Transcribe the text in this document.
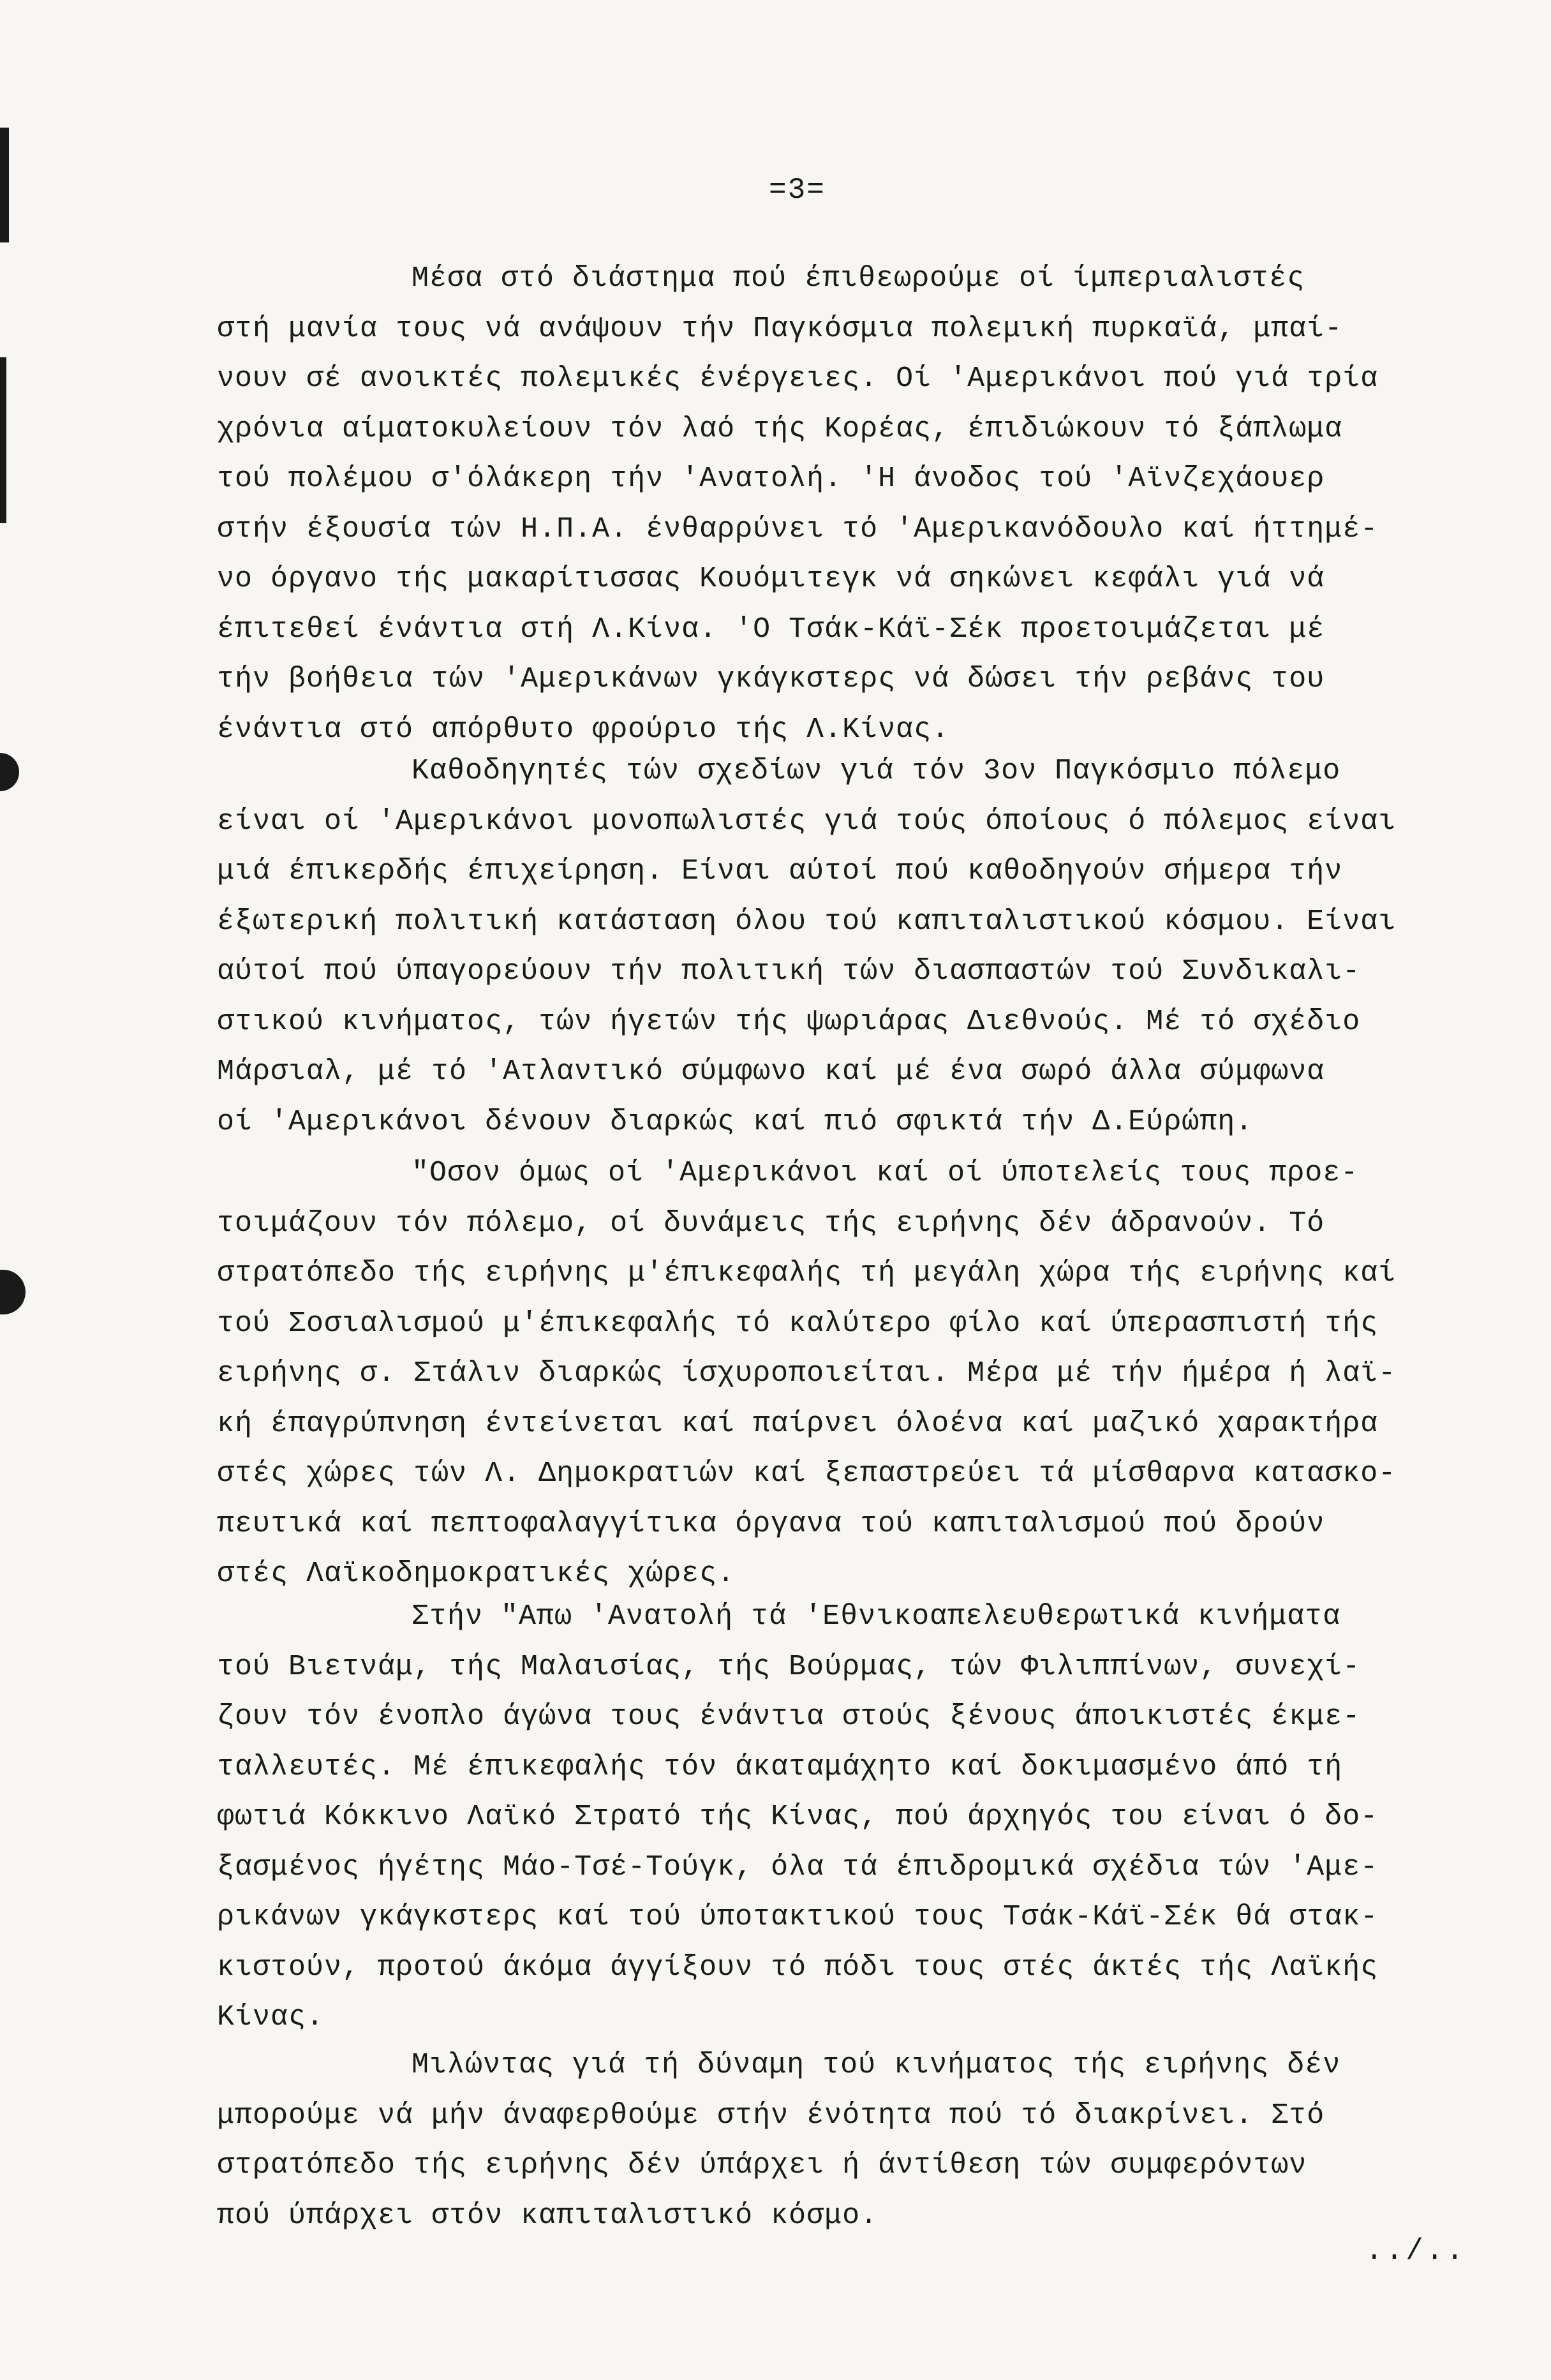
=3=
Μέσα στό διάστημα πού έπιθεωρούμε οί ίμπεριαλιστές
στή μανία τους νά ανάψουν τήν Παγκόσμια πολεμική πυρκαϊά, μπαί-
νουν σέ ανοικτές πολεμικές ένέργειες. Οί 'Αμερικάνοι πού γιά τρία
χρόνια αίματοκυλείουν τόν λαό τής Κορέας, έπιδιώκουν τό ξάπλωμα
τού πολέμου σ'όλάκερη τήν 'Ανατολή. 'Η άνοδος τού 'Αϊνζεχάουερ
στήν έξουσία τών Η.Π.Α. ένθαρρύνει τό 'Αμερικανόδουλο καί ήττημέ-
νο όργανο τής μακαρίτισσας Κουόμιτεγκ νά σηκώνει κεφάλι γιά νά
έπιτεθεί ένάντια στή Λ.Κίνα. 'Ο Τσάκ-Κάϊ-Σέκ προετοιμάζεται μέ
τήν βοήθεια τών 'Αμερικάνων γκάγκστερς νά δώσει τήν ρεβάνς του
ένάντια στό απόρθυτο φρούριο τής Λ.Κίνας.
Καθοδηγητές τών σχεδίων γιά τόν 3ον Παγκόσμιο πόλεμο
είναι οί 'Αμερικάνοι μονοπωλιστές γιά τούς όποίους ό πόλεμος είναι
μιά έπικερδής έπιχείρηση. Είναι αύτοί πού καθοδηγούν σήμερα τήν
έξωτερική πολιτική κατάσταση όλου τού καπιταλιστικού κόσμου. Είναι
αύτοί πού ύπαγορεύουν τήν πολιτική τών διασπαστών τού Συνδικαλι-
στικού κινήματος, τών ήγετών τής ψωριάρας Διεθνούς. Μέ τό σχέδιο
Μάρσιαλ, μέ τό 'Ατλαντικό σύμφωνο καί μέ ένα σωρό άλλα σύμφωνα
οί 'Αμερικάνοι δένουν διαρκώς καί πιό σφικτά τήν Δ.Εύρώπη.
"Οσον όμως οί 'Αμερικάνοι καί οί ύποτελείς τους προε-
τοιμάζουν τόν πόλεμο, οί δυνάμεις τής ειρήνης δέν άδρανούν. Τό
στρατόπεδο τής ειρήνης μ'έπικεφαλής τή μεγάλη χώρα τής ειρήνης καί
τού Σοσιαλισμού μ'έπικεφαλής τό καλύτερο φίλο καί ύπερασπιστή τής
ειρήνης σ. Στάλιν διαρκώς ίσχυροποιείται. Μέρα μέ τήν ήμέρα ή λαϊ-
κή έπαγρύπνηση έντείνεται καί παίρνει όλοένα καί μαζικό χαρακτήρα
στές χώρες τών Λ. Δημοκρατιών καί ξεπαστρεύει τά μίσθαρνα κατασκο-
πευτικά καί πεπτοφαλαγγίτικα όργανα τού καπιταλισμού πού δρούν
στές Λαϊκοδημοκρατικές χώρες.
Στήν "Απω 'Ανατολή τά 'Εθνικοαπελευθερωτικά κινήματα
τού Βιετνάμ, τής Μαλαισίας, τής Βούρμας, τών Φιλιππίνων, συνεχί-
ζουν τόν ένοπλο άγώνα τους ένάντια στούς ξένους άποικιστές έκμε-
ταλλευτές. Μέ έπικεφαλής τόν άκαταμάχητο καί δοκιμασμένο άπό τή
φωτιά Κόκκινο Λαϊκό Στρατό τής Κίνας, πού άρχηγός του είναι ό δο-
ξασμένος ήγέτης Μάο-Τσέ-Τούγκ, όλα τά έπιδρομικά σχέδια τών 'Αμε-
ρικάνων γκάγκστερς καί τού ύποτακτικού τους Τσάκ-Κάϊ-Σέκ θά στακ-
κιστούν, προτού άκόμα άγγίξουν τό πόδι τους στές άκτές τής Λαϊκής
Κίνας.
Μιλώντας γιά τή δύναμη τού κινήματος τής ειρήνης δέν
μπορούμε νά μήν άναφερθούμε στήν ένότητα πού τό διακρίνει. Στό
στρατόπεδο τής ειρήνης δέν ύπάρχει ή άντίθεση τών συμφερόντων
πού ύπάρχει στόν καπιταλιστικό κόσμο.
../..
